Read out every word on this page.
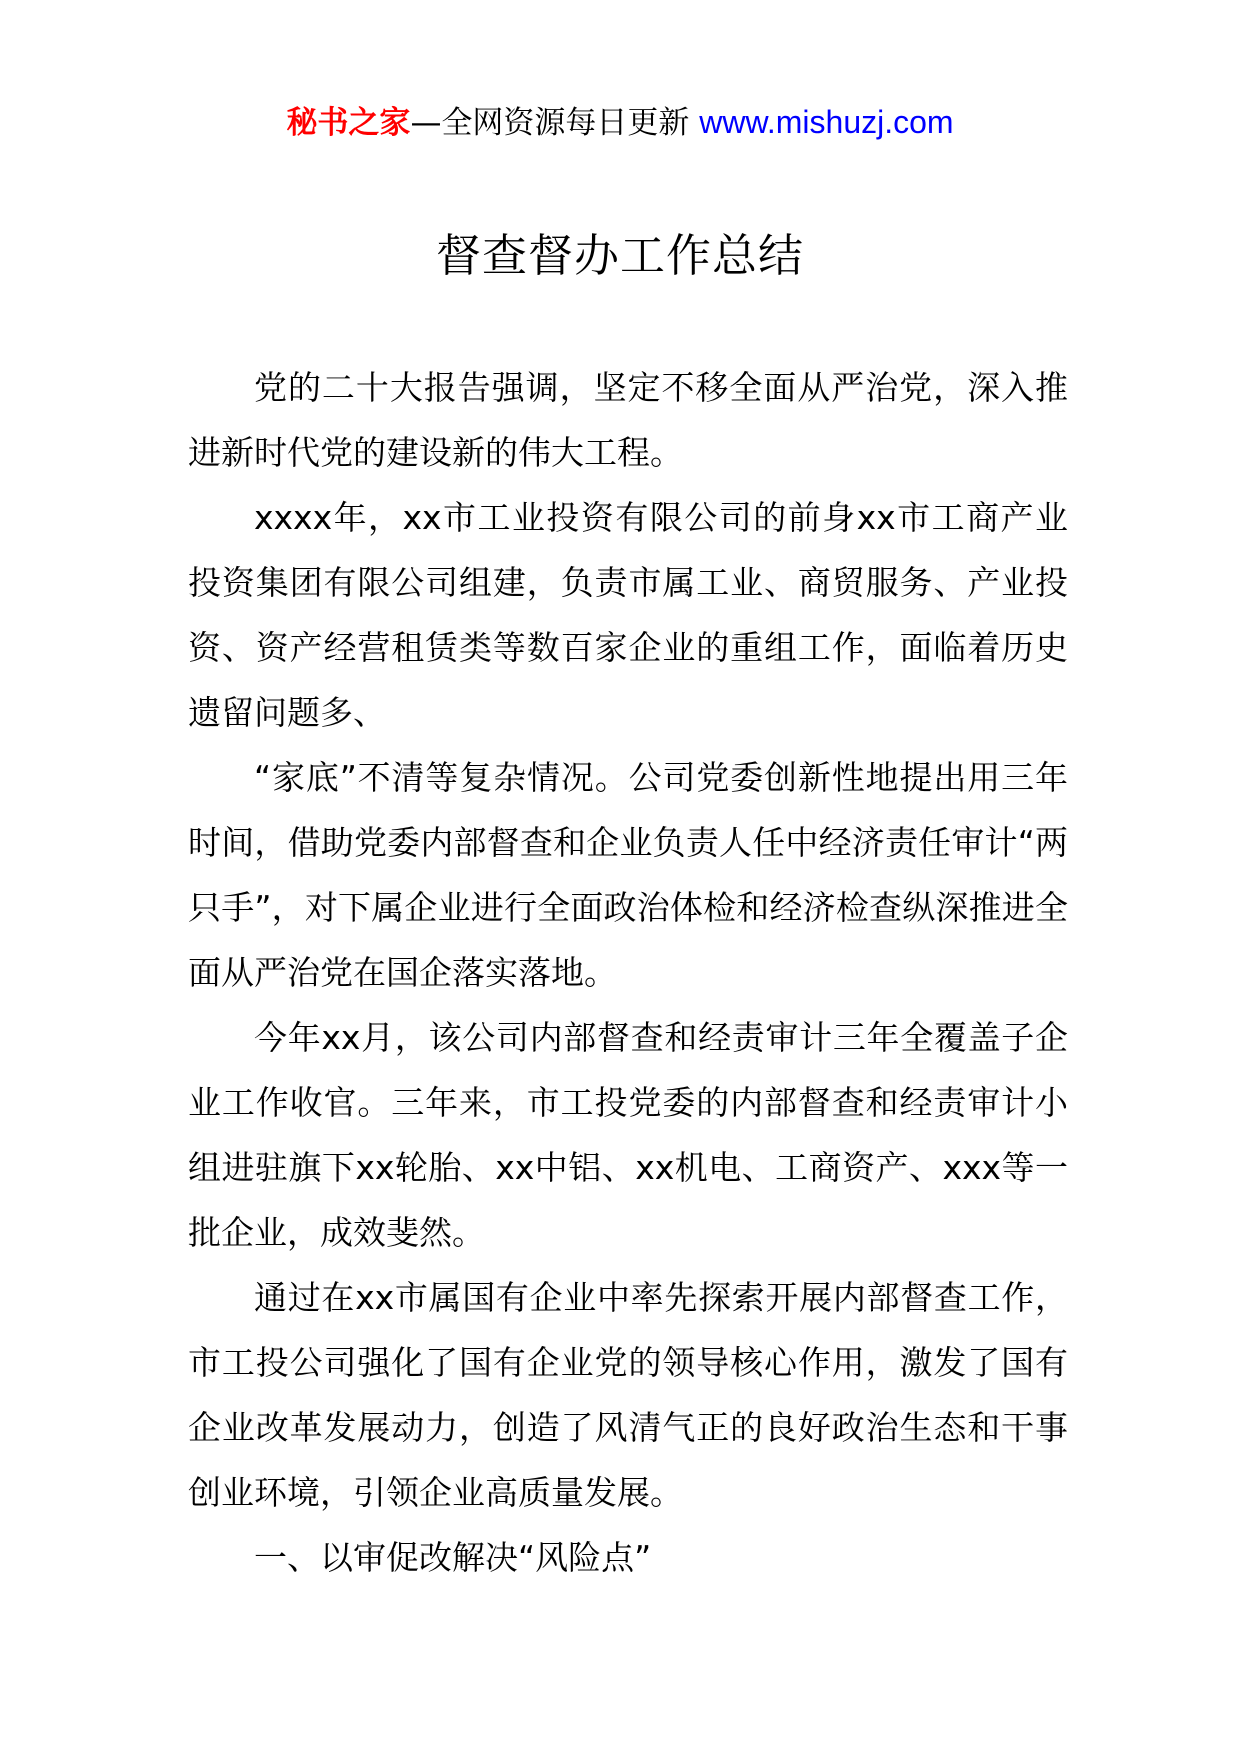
秘书之家—全网资源每日更新 www.mishuzj.com
督查督办工作总结

党的二十大报告强调，坚定不移全面从严治党，深入推进新时代党的建设新的伟大工程。

xxxx年，xx市工业投资有限公司的前身xx市工商产业投资集团有限公司组建，负责市属工业、商贸服务、产业投资、资产经营租赁类等数百家企业的重组工作，面临着历史遗留问题多、

“家底”不清等复杂情况。公司党委创新性地提出用三年时间，借助党委内部督查和企业负责人任中经济责任审计“两只手”，对下属企业进行全面政治体检和经济检查纵深推进全面从严治党在国企落实落地。

今年xx月，该公司内部督查和经责审计三年全覆盖子企业工作收官。三年来，市工投党委的内部督查和经责审计小组进驻旗下xx轮胎、xx中铝、xx机电、工商资产、xxx等一批企业，成效斐然。

通过在xx市属国有企业中率先探索开展内部督查工作，市工投公司强化了国有企业党的领导核心作用，激发了国有企业改革发展动力，创造了风清气正的良好政治生态和干事创业环境，引领企业高质量发展。

一、以审促改解决“风险点”
